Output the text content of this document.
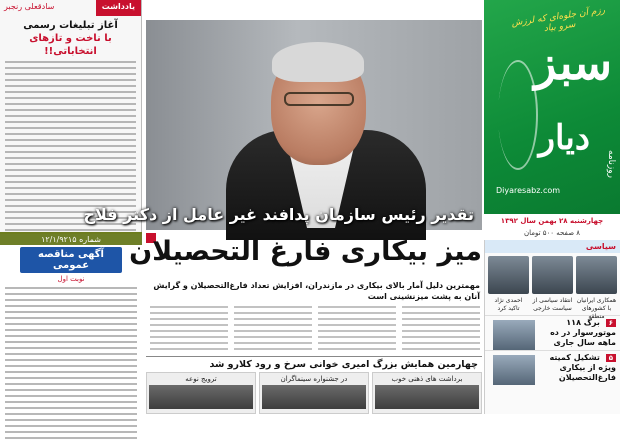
یادداشت
سادقعلی رنجبر
آغاز تبلیغات رسمی
با ناخت و تازهای انتخاباتی!!
شماره ۱۲/۱/۹۲۱۵
آگهی مناقصه عمومی
نوبت اول
تقدیر رئیس سازمان پدافند غیر عامل از دکتر فلاح
رزم آن جلوه‌ای که لرزش سرو بیاد
سبز
دیار
روزنامه
Diyaresabz.com
چهارشنبه ۲۸ بهمن سال ۱۳۹۲
۸ صفحه ۵۰۰ تومان
میز بیکاری فارغ التحصیلان
مهمترین دلیل آمار بالای بیکاری در مازندران، افزایش تعداد فارغ‌التحصیلان و گرایش آنان به پشت میزنشینی است
چهارمین همایش بزرگ امیری خوانی سرخ و رود کلارو شد
برداشت های ذهنی خوب
در جشنواره سینماگران
ترویج نوعه
سیاسی
همکاری ایرانیان با کشورهای منطقه
انتقاد سیاسی از سیاست خارجی
احمدی نژاد تاکید کرد
۶ برگ ۱۱۸ موتورسوار در ده ماهه سال جاری
۵ تشکیل کمیته ویژه از بیکاری فارغ‌التحصیلان
